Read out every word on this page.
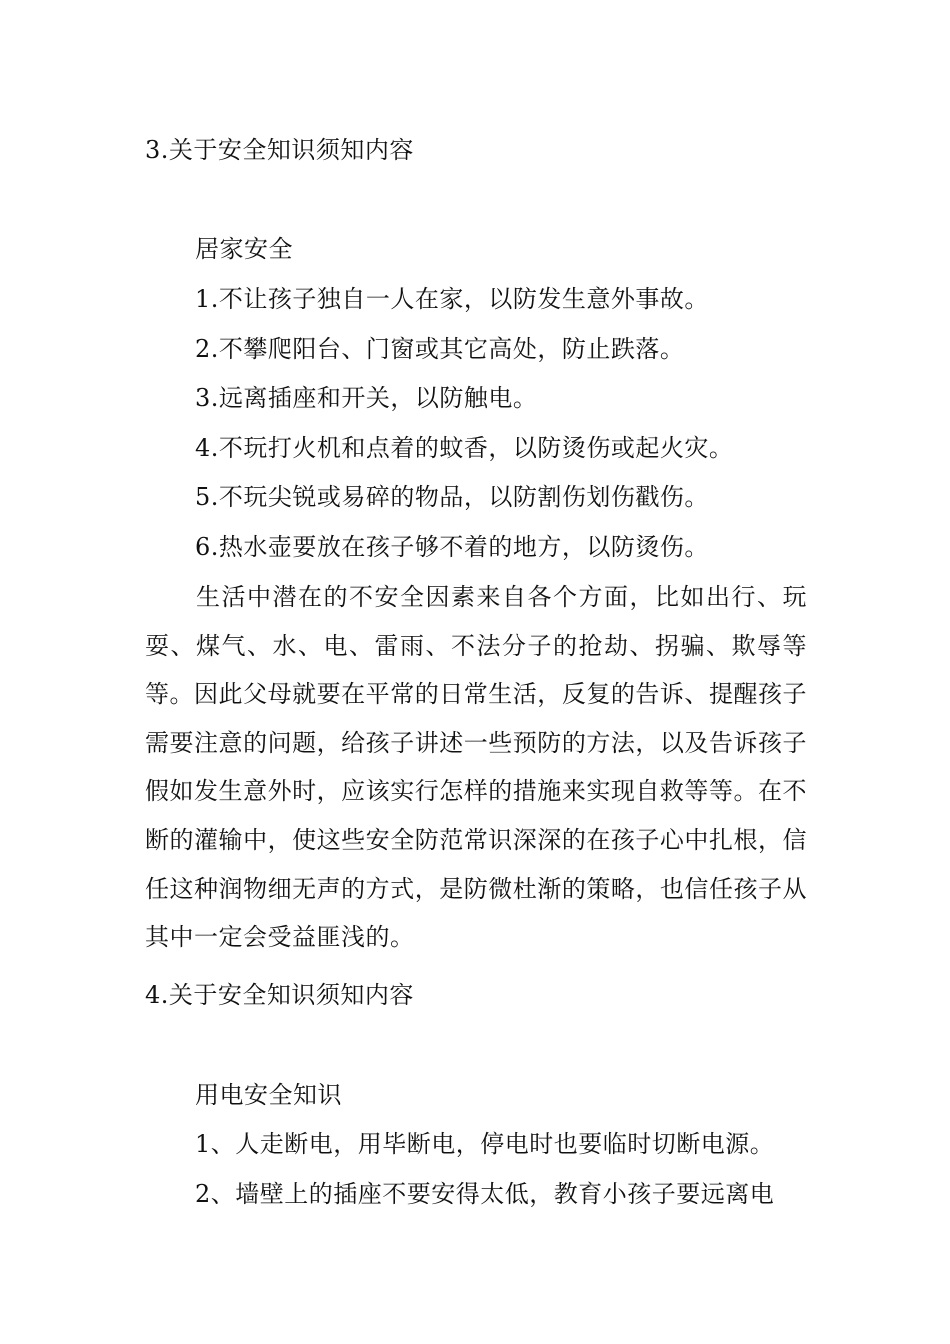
3.关于安全知识须知内容
居家安全
1.不让孩子独自一人在家，以防发生意外事故。
2.不攀爬阳台、门窗或其它高处，防止跌落。
3.远离插座和开关，以防触电。
4.不玩打火机和点着的蚊香，以防烫伤或起火灾。
5.不玩尖锐或易碎的物品，以防割伤划伤戳伤。
6.热水壶要放在孩子够不着的地方，以防烫伤。
生活中潜在的不安全因素来自各个方面，比如出行、玩耍、煤气、水、电、雷雨、不法分子的抢劫、拐骗、欺辱等等。因此父母就要在平常的日常生活，反复的告诉、提醒孩子需要注意的问题，给孩子讲述一些预防的方法，以及告诉孩子假如发生意外时，应该实行怎样的措施来实现自救等等。在不断的灌输中，使这些安全防范常识深深的在孩子心中扎根，信任这种润物细无声的方式，是防微杜渐的策略，也信任孩子从其中一定会受益匪浅的。
4.关于安全知识须知内容
用电安全知识
1、人走断电，用毕断电，停电时也要临时切断电源。
2、墙壁上的插座不要安得太低，教育小孩子要远离电
